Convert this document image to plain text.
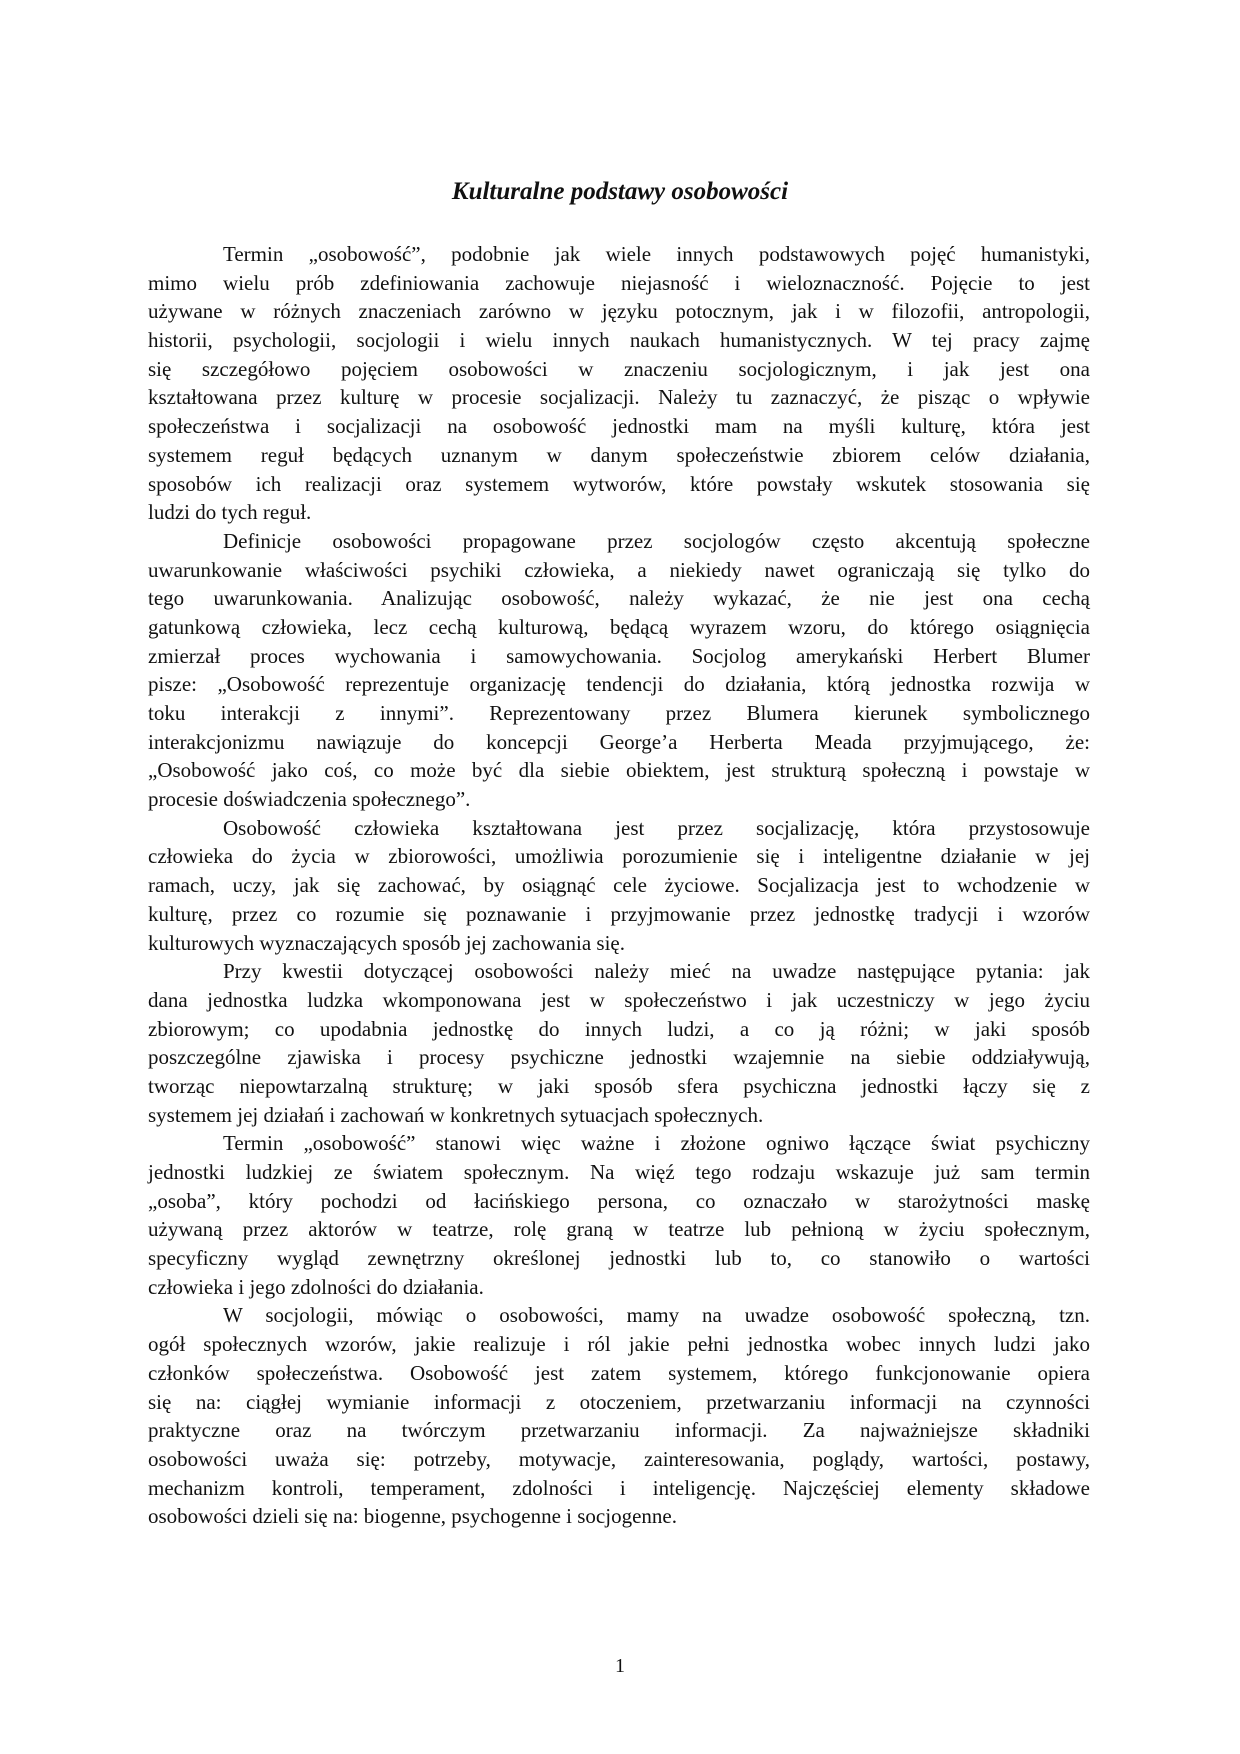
Kulturalne podstawy osobowości
Termin „osobowość”, podobnie jak wiele innych podstawowych pojęć humanistyki,
mimo wielu prób zdefiniowania zachowuje niejasność i wieloznaczność. Pojęcie to jest
używane w różnych znaczeniach zarówno w języku potocznym, jak i w filozofii, antropologii,
historii, psychologii, socjologii i wielu innych naukach humanistycznych. W tej pracy zajmę
się szczegółowo pojęciem osobowości w znaczeniu socjologicznym, i jak jest ona
kształtowana przez kulturę w procesie socjalizacji. Należy tu zaznaczyć, że pisząc o wpływie
społeczeństwa i socjalizacji na osobowość jednostki mam na myśli kulturę, która jest
systemem reguł będących uznanym w danym społeczeństwie zbiorem celów działania,
sposobów ich realizacji oraz systemem wytworów, które powstały wskutek stosowania się
ludzi do tych reguł.
Definicje osobowości propagowane przez socjologów często akcentują społeczne
uwarunkowanie właściwości psychiki człowieka, a niekiedy nawet ograniczają się tylko do
tego uwarunkowania. Analizując osobowość, należy wykazać, że nie jest ona cechą
gatunkową człowieka, lecz cechą kulturową, będącą wyrazem wzoru, do którego osiągnięcia
zmierzał proces wychowania i samowychowania. Socjolog amerykański Herbert Blumer
pisze: „Osobowość reprezentuje organizację tendencji do działania, którą jednostka rozwija w
toku interakcji z innymi”. Reprezentowany przez Blumera kierunek symbolicznego
interakcjonizmu nawiązuje do koncepcji George’a Herberta Meada przyjmującego, że:
„Osobowość jako coś, co może być dla siebie obiektem, jest strukturą społeczną i powstaje w
procesie doświadczenia społecznego”.
Osobowość człowieka kształtowana jest przez socjalizację, która przystosowuje
człowieka do życia w zbiorowości, umożliwia porozumienie się i inteligentne działanie w jej
ramach, uczy, jak się zachować, by osiągnąć cele życiowe. Socjalizacja jest to wchodzenie w
kulturę, przez co rozumie się poznawanie i przyjmowanie przez jednostkę tradycji i wzorów
kulturowych wyznaczających sposób jej zachowania się.
Przy kwestii dotyczącej osobowości należy mieć na uwadze następujące pytania: jak
dana jednostka ludzka wkomponowana jest w społeczeństwo i jak uczestniczy w jego życiu
zbiorowym; co upodabnia jednostkę do innych ludzi, a co ją różni; w jaki sposób
poszczególne zjawiska i procesy psychiczne jednostki wzajemnie na siebie oddziaływują,
tworząc niepowtarzalną strukturę; w jaki sposób sfera psychiczna jednostki łączy się z
systemem jej działań i zachowań w konkretnych sytuacjach społecznych.
Termin „osobowość” stanowi więc ważne i złożone ogniwo łączące świat psychiczny
jednostki ludzkiej ze światem społecznym. Na więź tego rodzaju wskazuje już sam termin
„osoba”, który pochodzi od łacińskiego persona, co oznaczało w starożytności maskę
używaną przez aktorów w teatrze, rolę graną w teatrze lub pełnioną w życiu społecznym,
specyficzny wygląd zewnętrzny określonej jednostki lub to, co stanowiło o wartości
człowieka i jego zdolności do działania.
W socjologii, mówiąc o osobowości, mamy na uwadze osobowość społeczną, tzn.
ogół społecznych wzorów, jakie realizuje i ról jakie pełni jednostka wobec innych ludzi jako
członków społeczeństwa. Osobowość jest zatem systemem, którego funkcjonowanie opiera
się na: ciągłej wymianie informacji z otoczeniem, przetwarzaniu informacji na czynności
praktyczne oraz na twórczym przetwarzaniu informacji. Za najważniejsze składniki
osobowości uważa się: potrzeby, motywacje, zainteresowania, poglądy, wartości, postawy,
mechanizm kontroli, temperament, zdolności i inteligencję. Najczęściej elementy składowe
osobowości dzieli się na: biogenne, psychogenne i socjogenne.
1
